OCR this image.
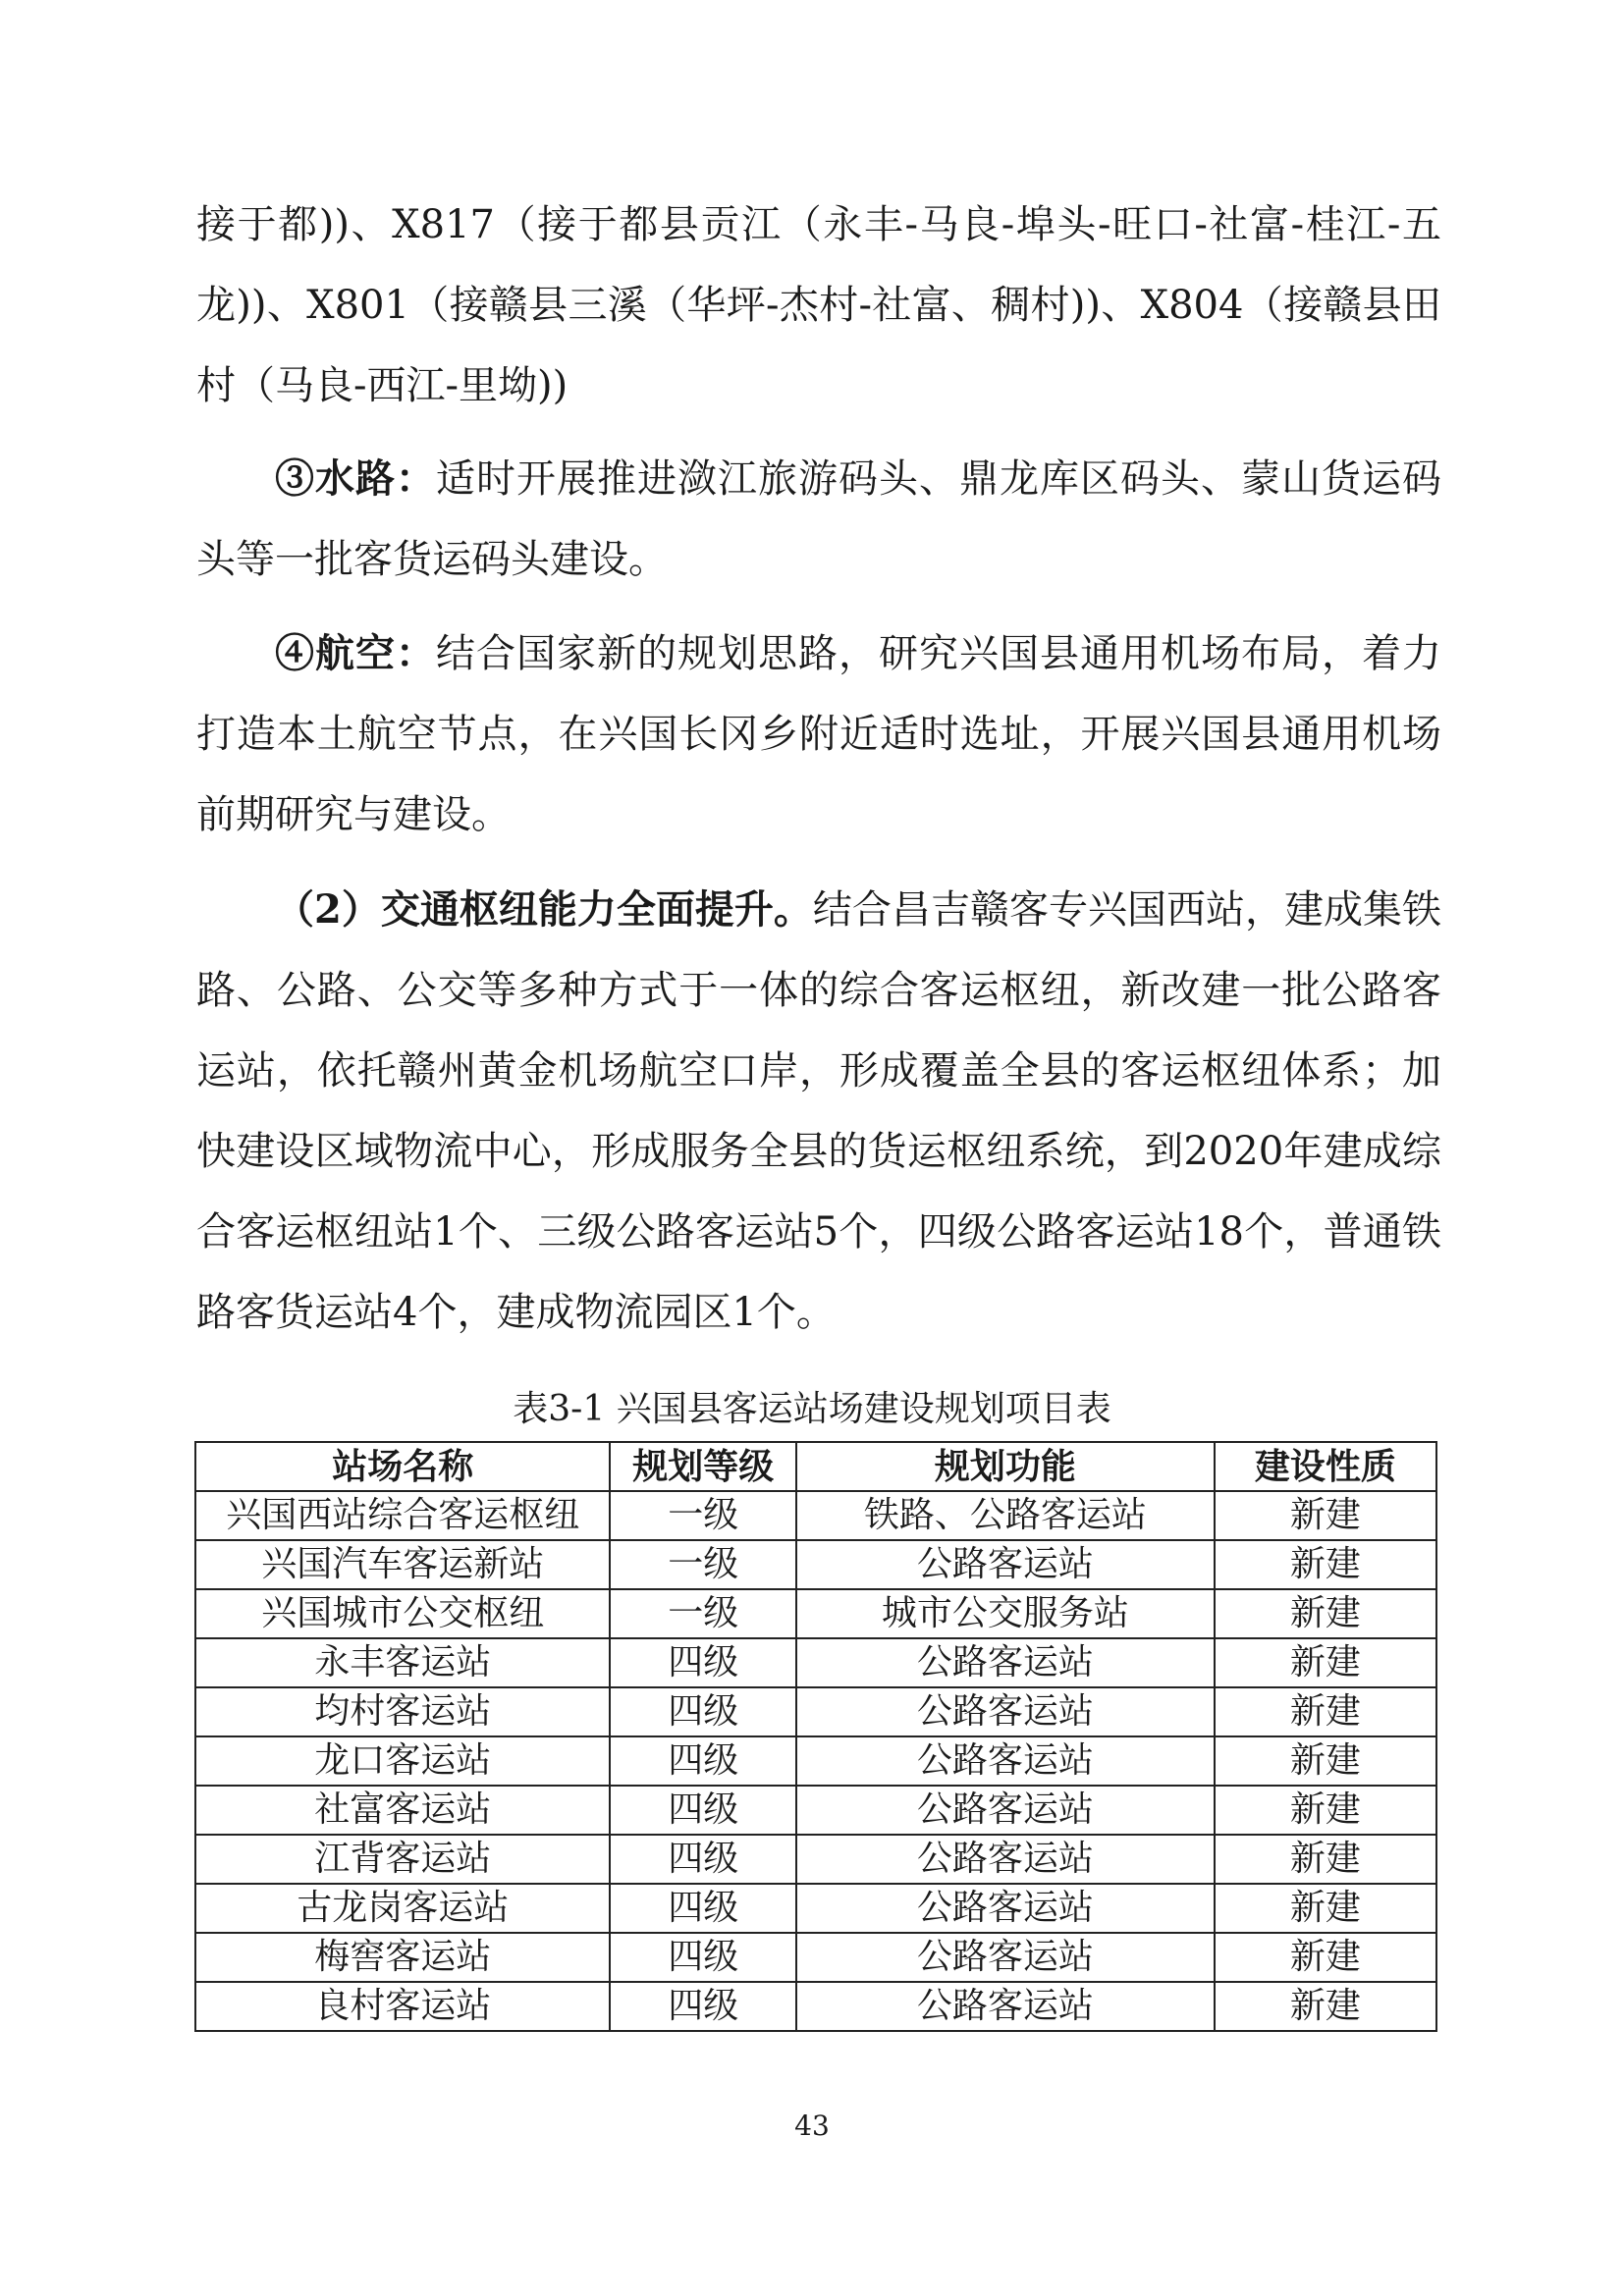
接于都))、X817（接于都县贡江（永丰-马良-埠头-旺口-社富-桂江-五龙))、X801（接赣县三溪（华坪-杰村-社富、稠村))、X804（接赣县田村（马良-西江-里坳))

③水路：适时开展推进潋江旅游码头、鼎龙库区码头、蒙山货运码头等一批客货运码头建设。

④航空：结合国家新的规划思路，研究兴国县通用机场布局，着力打造本土航空节点，在兴国长冈乡附近适时选址，开展兴国县通用机场前期研究与建设。

（2）交通枢纽能力全面提升。结合昌吉赣客专兴国西站，建成集铁路、公路、公交等多种方式于一体的综合客运枢纽，新改建一批公路客运站，依托赣州黄金机场航空口岸，形成覆盖全县的客运枢纽体系；加快建设区域物流中心，形成服务全县的货运枢纽系统，到2020年建成综合客运枢纽站1个、三级公路客运站5个，四级公路客运站18个，普通铁路客货运站4个，建成物流园区1个。

表3-1 兴国县客运站场建设规划项目表
站场名称	规划等级	规划功能	建设性质
兴国西站综合客运枢纽	一级	铁路、公路客运站	新建
兴国汽车客运新站	一级	公路客运站	新建
兴国城市公交枢纽	一级	城市公交服务站	新建
永丰客运站	四级	公路客运站	新建
均村客运站	四级	公路客运站	新建
龙口客运站	四级	公路客运站	新建
社富客运站	四级	公路客运站	新建
江背客运站	四级	公路客运站	新建
古龙岗客运站	四级	公路客运站	新建
梅窖客运站	四级	公路客运站	新建
良村客运站	四级	公路客运站	新建
43
